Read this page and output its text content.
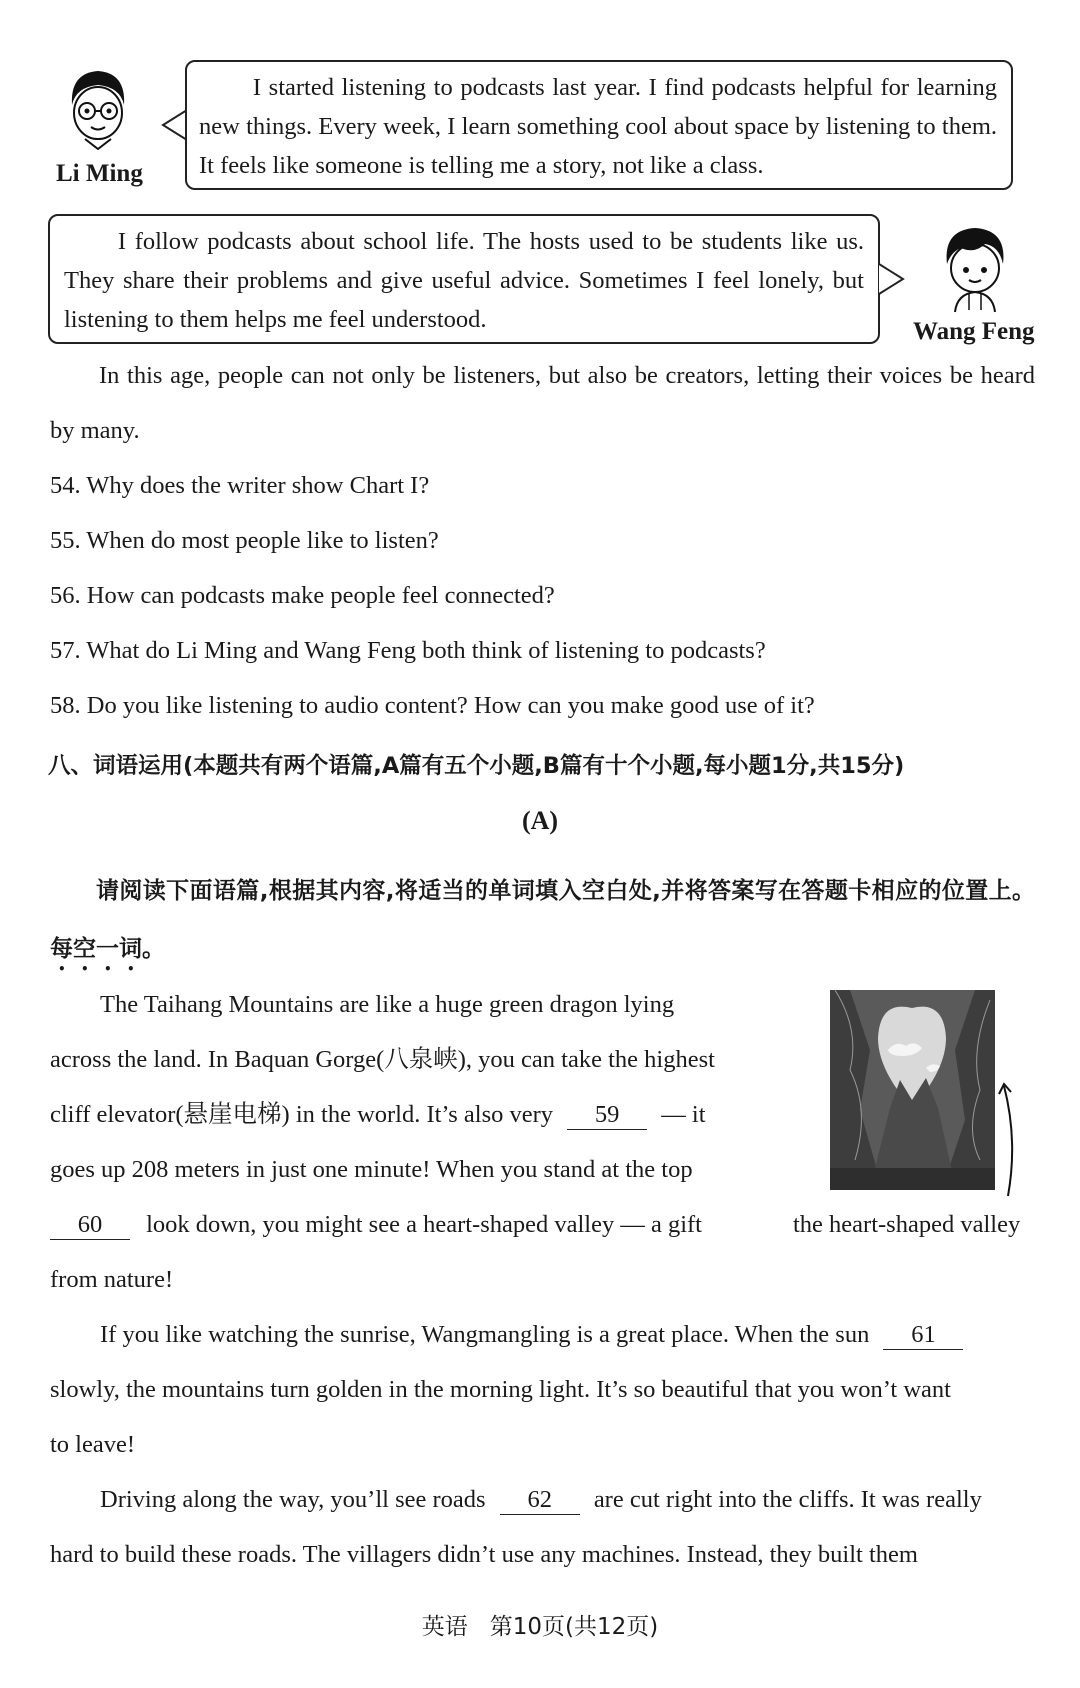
Li Ming

I started listening to podcasts last year. I find podcasts helpful for learning new things. Every week, I learn something cool about space by listening to them. It feels like someone is telling me a story, not like a class.

I follow podcasts about school life. The hosts used to be students like us. They share their problems and give useful advice. Sometimes I feel lonely, but listening to them helps me feel understood.	Wang Feng
In this age, people can not only be listeners, but also be creators, letting their voices be heard by many.
54. Why does the writer show Chart I?
55. When do most people like to listen?
56. How can podcasts make people feel connected?
57. What do Li Ming and Wang Feng both think of listening to podcasts?
58. Do you like listening to audio content? How can you make good use of it?
八、词语运用(本题共有两个语篇,A篇有五个小题,B篇有十个小题,每小题1分,共15分)
(A)
请阅读下面语篇,根据其内容,将适当的单词填入空白处,并将答案写在答题卡相应的位置上。每空一词。
The Taihang Mountains are like a huge green dragon lying
across the land. In Baquan Gorge(八泉峡), you can take the highest
cliff elevator(悬崖电梯) in the world. It’s also very 59 — it
goes up 208 meters in just one minute! When you stand at the top
60 look down, you might see a heart-shaped valley — a gift
from nature!
the heart-shaped valley
If you like watching the sunrise, Wangmangling is a great place. When the sun 61
slowly, the mountains turn golden in the morning light. It’s so beautiful that you won’t want
to leave!
Driving along the way, you’ll see roads 62 are cut right into the cliffs. It was really
hard to build these roads. The villagers didn’t use any machines. Instead, they built them
英语   第10页(共12页)
